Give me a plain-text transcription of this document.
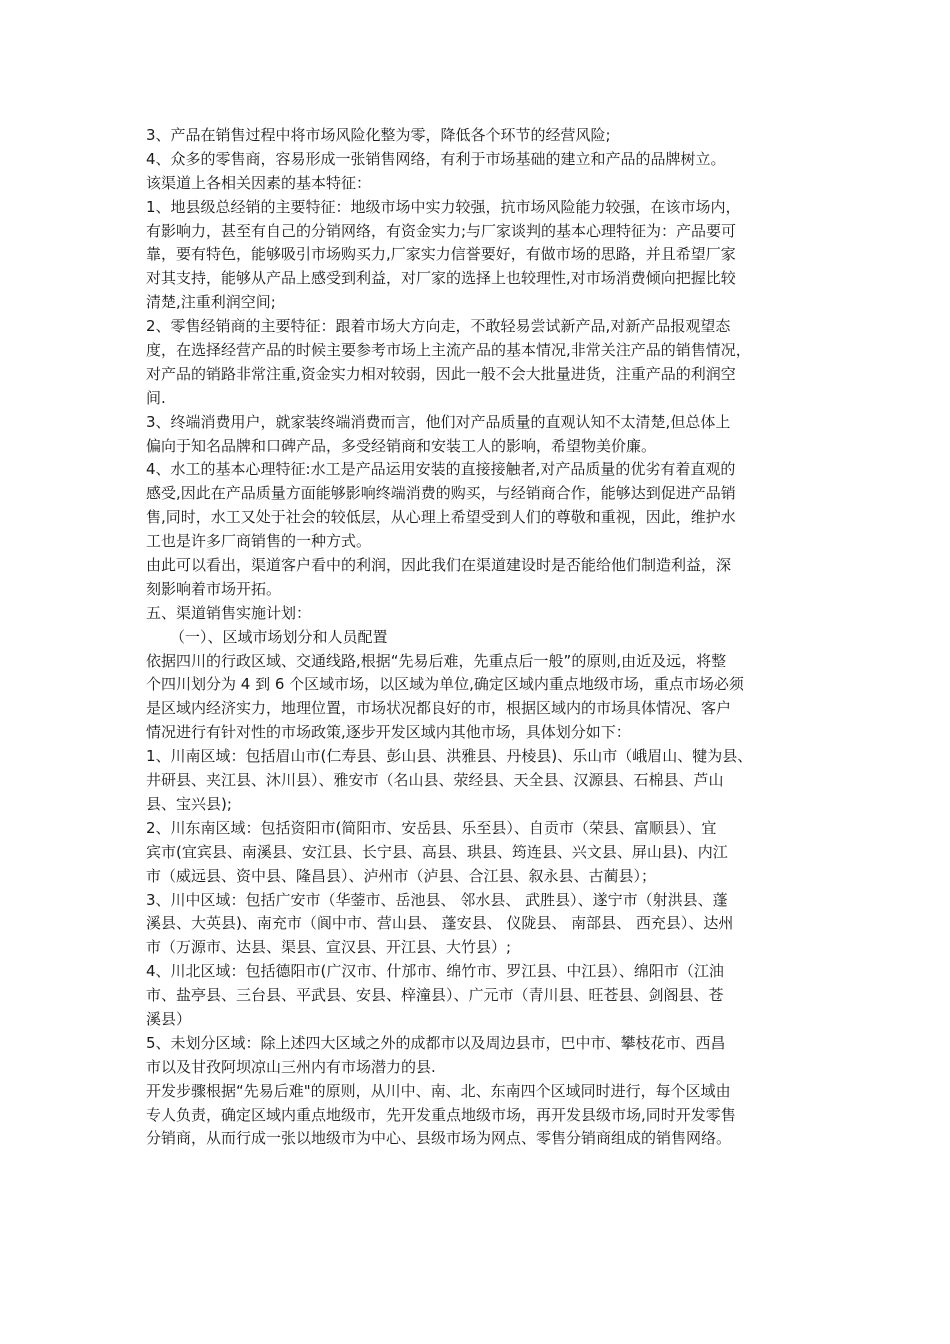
3、产品在销售过程中将市场风险化整为零，降低各个环节的经营风险;
4、众多的零售商，容易形成一张销售网络，有利于市场基础的建立和产品的品牌树立。
该渠道上各相关因素的基本特征：
1、地县级总经销的主要特征：地级市场中实力较强，抗市场风险能力较强，在该市场内，
有影响力，甚至有自己的分销网络，有资金实力;与厂家谈判的基本心理特征为：产品要可
靠，要有特色，能够吸引市场购买力,厂家实力信誉要好，有做市场的思路，并且希望厂家
对其支持，能够从产品上感受到利益，对厂家的选择上也较理性,对市场消费倾向把握比较
清楚,注重利润空间;
2、零售经销商的主要特征：跟着市场大方向走，不敢轻易尝试新产品,对新产品报观望态
度，在选择经营产品的时候主要参考市场上主流产品的基本情况,非常关注产品的销售情况，
对产品的销路非常注重,资金实力相对较弱，因此一般不会大批量进货，注重产品的利润空
间.
3、终端消费用户，就家装终端消费而言，他们对产品质量的直观认知不太清楚,但总体上
偏向于知名品牌和口碑产品，多受经销商和安装工人的影响，希望物美价廉。
4、水工的基本心理特征:水工是产品运用安装的直接接触者,对产品质量的优劣有着直观的
感受,因此在产品质量方面能够影响终端消费的购买，与经销商合作，能够达到促进产品销
售,同时，水工又处于社会的较低层，从心理上希望受到人们的尊敬和重视，因此，维护水
工也是许多厂商销售的一种方式。
由此可以看出，渠道客户看中的利润，因此我们在渠道建设时是否能给他们制造利益，深
刻影响着市场开拓。
五、渠道销售实施计划：
（一）、区域市场划分和人员配置
依据四川的行政区域、交通线路,根据“先易后难，先重点后一般”的原则,由近及远，将整
个四川划分为 4 到 6 个区域市场，以区域为单位,确定区域内重点地级市场，重点市场必须
是区域内经济实力，地理位置，市场状况都良好的市，根据区域内的市场具体情况、客户
情况进行有针对性的市场政策,逐步开发区域内其他市场，具体划分如下：
1、川南区域：包括眉山市(仁寿县、彭山县、洪雅县、丹棱县)、乐山市（峨眉山、犍为县、
井研县、夹江县、沐川县）、雅安市（名山县、荥经县、天全县、汉源县、石棉县、芦山
县、宝兴县);
2、川东南区域：包括资阳市(简阳市、安岳县、乐至县）、自贡市（荣县、富顺县）、宜
宾市(宜宾县、南溪县、安江县、长宁县、高县、珙县、筠连县、兴文县、屏山县)、内江
市（威远县、资中县、隆昌县）、泸州市（泸县、合江县、叙永县、古蔺县）；
3、川中区域：包括广安市（华蓥市、岳池县、 邻水县、 武胜县）、遂宁市（射洪县、蓬
溪县、大英县)、南充市（阆中市、营山县、 蓬安县、 仪陇县、 南部县、 西充县）、达州
市（万源市、达县、渠县、宣汉县、开江县、大竹县）;
4、川北区域：包括德阳市(广汉市、什邡市、绵竹市、罗江县、中江县）、绵阳市（江油
市、盐亭县、三台县、平武县、安县、梓潼县）、广元市（青川县、旺苍县、剑阁县、苍
溪县）
5、未划分区域：除上述四大区域之外的成都市以及周边县市，巴中市、攀枝花市、西昌
市以及甘孜阿坝凉山三州内有市场潜力的县.
开发步骤根据“先易后难"的原则，从川中、南、北、东南四个区域同时进行，每个区域由
专人负责，确定区域内重点地级市，先开发重点地级市场，再开发县级市场,同时开发零售
分销商，从而行成一张以地级市为中心、县级市场为网点、零售分销商组成的销售网络。
